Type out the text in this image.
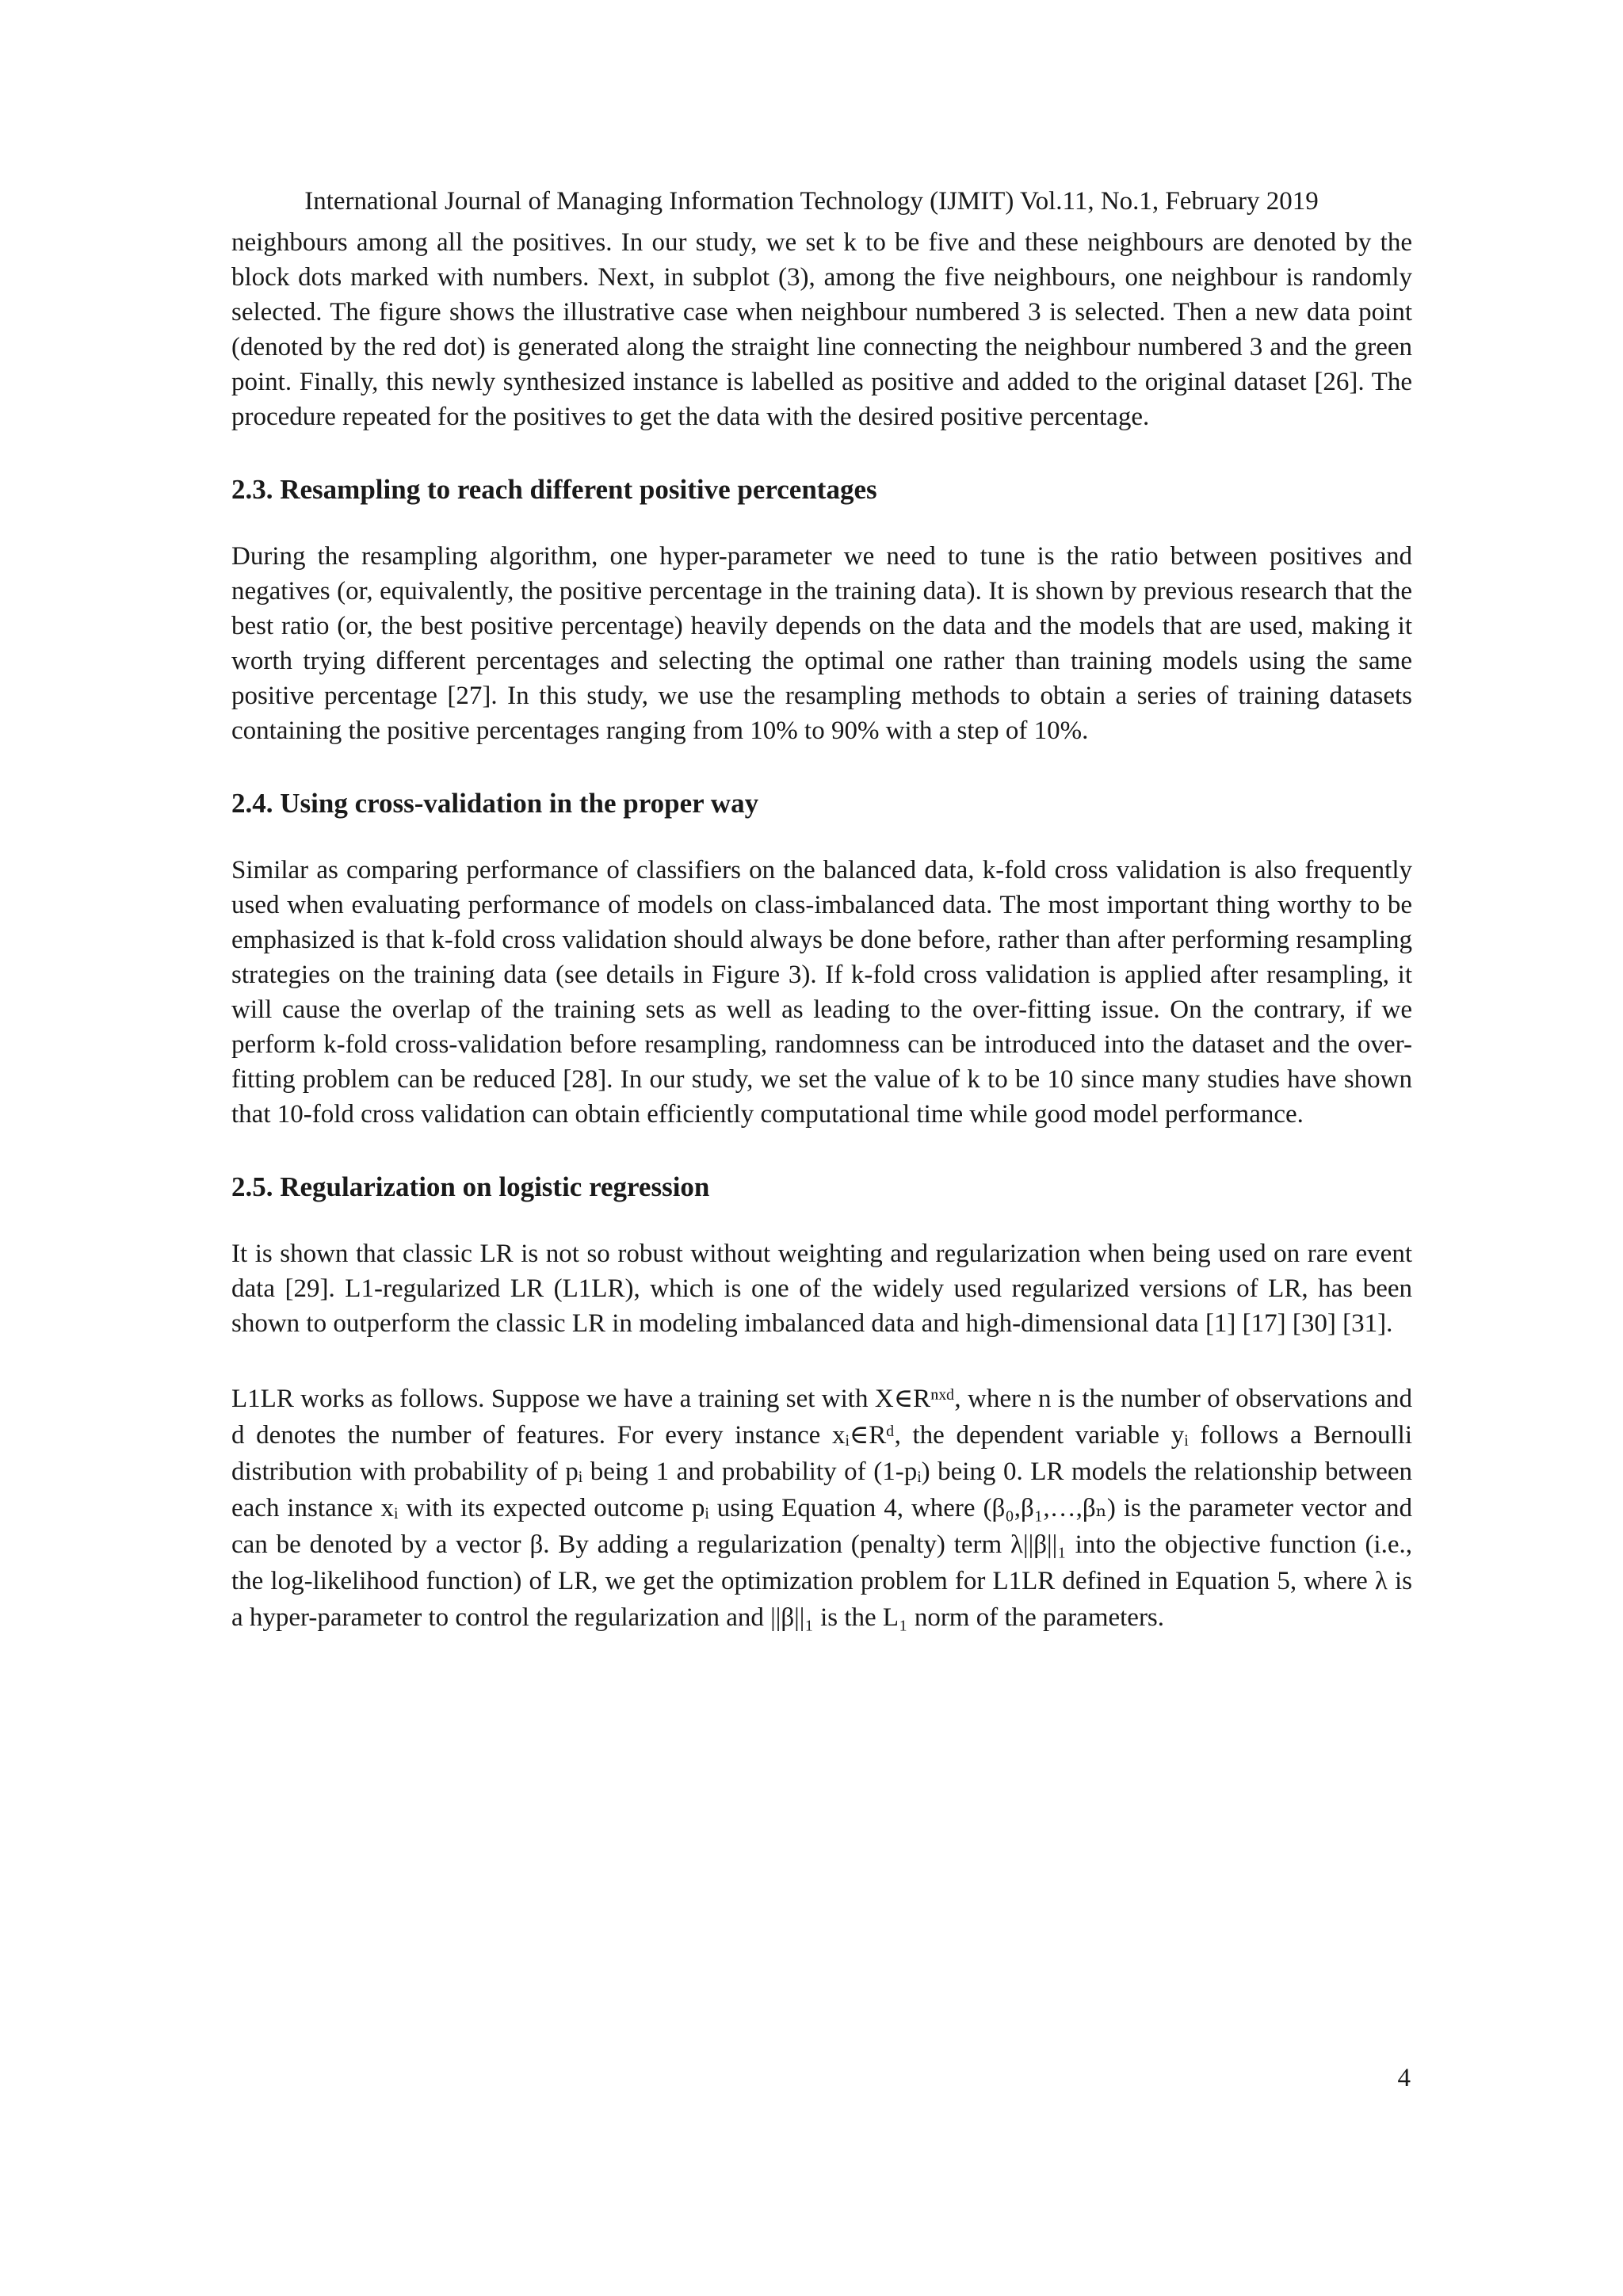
International Journal of Managing Information Technology (IJMIT) Vol.11, No.1, February 2019

neighbours among all the positives. In our study, we set k to be five and these neighbours are denoted by the block dots marked with numbers. Next, in subplot (3), among the five neighbours, one neighbour is randomly selected. The figure shows the illustrative case when neighbour numbered 3 is selected. Then a new data point (denoted by the red dot) is generated along the straight line connecting the neighbour numbered 3 and the green point. Finally, this newly synthesized instance is labelled as positive and added to the original dataset [26]. The procedure repeated for the positives to get the data with the desired positive percentage.

2.3. Resampling to reach different positive percentages

During the resampling algorithm, one hyper-parameter we need to tune is the ratio between positives and negatives (or, equivalently, the positive percentage in the training data). It is shown by previous research that the best ratio (or, the best positive percentage) heavily depends on the data and the models that are used, making it worth trying different percentages and selecting the optimal one rather than training models using the same positive percentage [27]. In this study, we use the resampling methods to obtain a series of training datasets containing the positive percentages ranging from 10% to 90% with a step of 10%.

2.4. Using cross-validation in the proper way

Similar as comparing performance of classifiers on the balanced data, k-fold cross validation is also frequently used when evaluating performance of models on class-imbalanced data. The most important thing worthy to be emphasized is that k-fold cross validation should always be done before, rather than after performing resampling strategies on the training data (see details in Figure 3). If k-fold cross validation is applied after resampling, it will cause the overlap of the training sets as well as leading to the over-fitting issue. On the contrary, if we perform k-fold cross-validation before resampling, randomness can be introduced into the dataset and the over-fitting problem can be reduced [28]. In our study, we set the value of k to be 10 since many studies have shown that 10-fold cross validation can obtain efficiently computational time while good model performance.

2.5. Regularization on logistic regression

It is shown that classic LR is not so robust without weighting and regularization when being used on rare event data [29]. L1-regularized LR (L1LR), which is one of the widely used regularized versions of LR, has been shown to outperform the classic LR in modeling imbalanced data and high-dimensional data [1] [17] [30] [31].

L1LR works as follows. Suppose we have a training set with X∈Rⁿˣᵈ, where n is the number of observations and d denotes the number of features. For every instance xᵢ∈Rᵈ, the dependent variable yᵢ follows a Bernoulli distribution with probability of pᵢ being 1 and probability of (1-pᵢ) being 0. LR models the relationship between each instance xᵢ with its expected outcome pᵢ using Equation 4, where (β₀,β₁,…,βₙ) is the parameter vector and can be denoted by a vector β. By adding a regularization (penalty) term λ||β||₁ into the objective function (i.e., the log-likelihood function) of LR, we get the optimization problem for L1LR defined in Equation 5, where λ is a hyper-parameter to control the regularization and ||β||₁ is the L₁ norm of the parameters.

4
